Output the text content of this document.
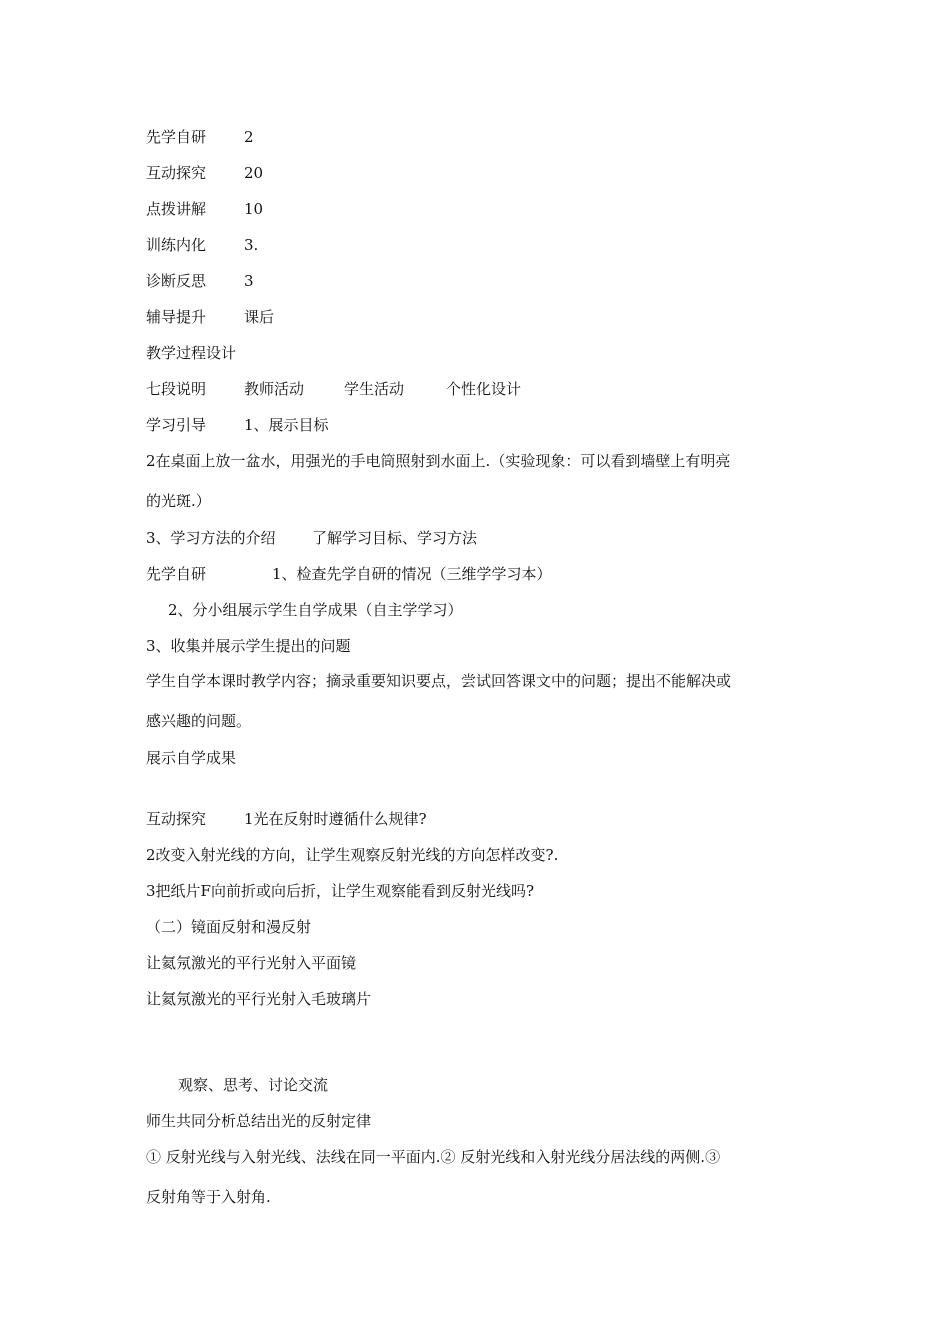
先学自研	2
互动探究	20
点拨讲解	10
训练内化	3.
诊断反思	3
辅导提升	课后
教学过程设计
七段说明	教师活动	学生活动	个性化设计
学习引导	1、展示目标
2在桌面上放一盆水，用强光的手电筒照射到水面上.（实验现象：可以看到墙壁上有明亮
的光斑.）
3、学习方法的介绍 了解学习目标、学习方法
先学自研	1、检查先学自研的情况（三维学学习本）
2、分小组展示学生自学成果（自主学学习）
3、收集并展示学生提出的问题
学生自学本课时教学内容；摘录重要知识要点，尝试回答课文中的问题；提出不能解决或
感兴趣的问题。
展示自学成果
互动探究	1光在反射时遵循什么规律?
2改变入射光线的方向，让学生观察反射光线的方向怎样改变?.
3把纸片F向前折或向后折，让学生观察能看到反射光线吗?
（二）镜面反射和漫反射
让氦氖激光的平行光射入平面镜
让氦氖激光的平行光射入毛玻璃片
观察、思考、讨论交流
师生共同分析总结出光的反射定律
① 反射光线与入射光线、法线在同一平面内.② 反射光线和入射光线分居法线的两侧.③
反射角等于入射角.
